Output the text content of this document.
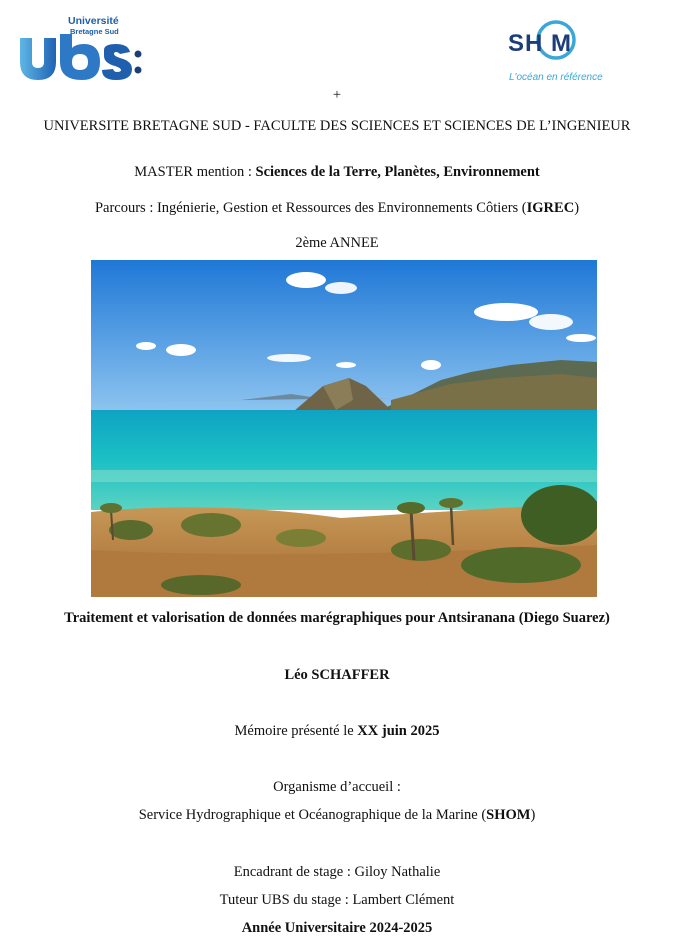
Université
Bretagne Sud	SH M
L'océan en référence
+
UNIVERSITE BRETAGNE SUD - FACULTE DES SCIENCES ET SCIENCES DE L’INGENIEUR
MASTER mention : Sciences de la Terre, Planètes, Environnement
Parcours : Ingénierie, Gestion et Ressources des Environnements Côtiers (IGREC)
2ème ANNEE
Traitement et valorisation de données marégraphiques pour Antsiranana (Diego Suarez)
Léo SCHAFFER
Mémoire présenté le XX juin 2025
Organisme d’accueil :
Service Hydrographique et Océanographique de la Marine (SHOM)
Encadrant de stage : Giloy Nathalie
Tuteur UBS du stage : Lambert Clément
Année Universitaire 2024-2025
